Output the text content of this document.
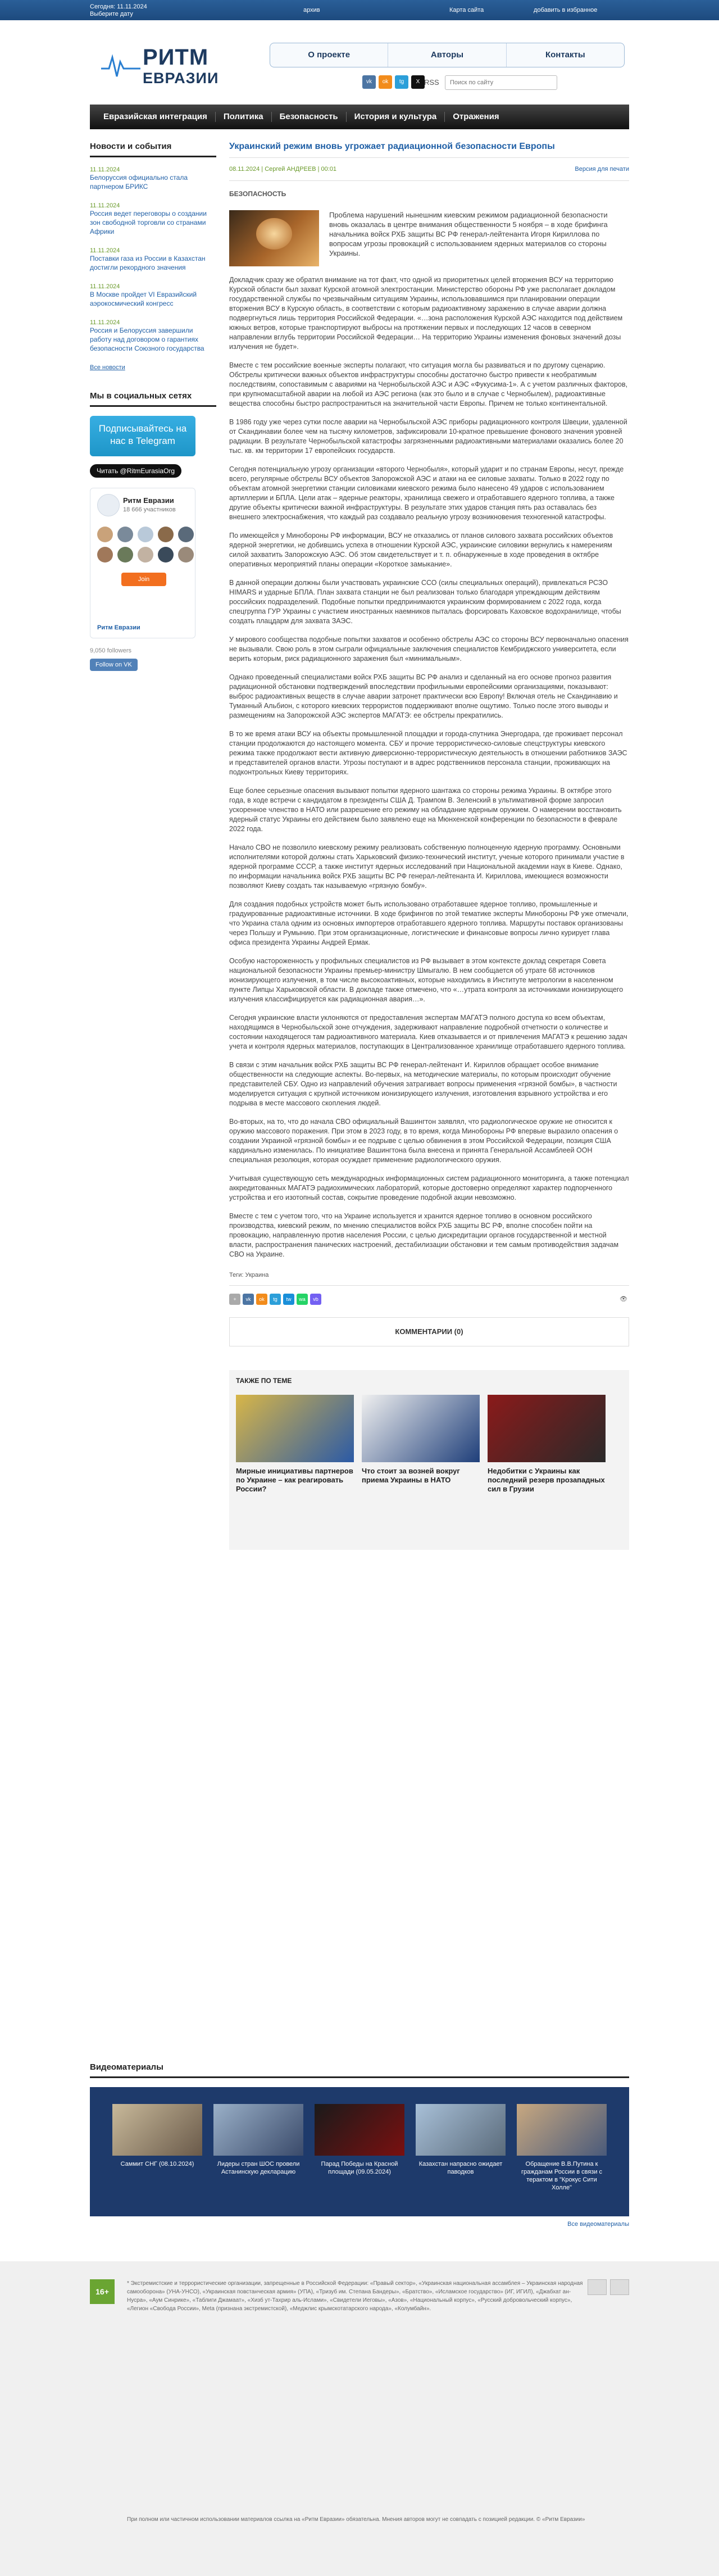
Сегодня: 11.11.2024
Выберите дату
архив	Карта сайта	добавить в избранное
РИТМ
ЕВРАЗИИ
О проекте	Авторы	Контакты
vk	ok	tg	X RSS
Поиск по сайту
Евразийская интеграция	Политика	Безопасность	История и культура	Отражения
Новости и события
11.11.2024
Белоруссия официально стала партнером БРИКС
11.11.2024
Россия ведет переговоры о создании зон свободной торговли со странами Африки
11.11.2024
Поставки газа из России в Казахстан достигли рекордного значения
11.11.2024
В Москве пройдет VI Евразийский аэрокосмический конгресс
11.11.2024
Россия и Белоруссия завершили работу над договором о гарантиях безопасности Союзного государства
Все новости
Мы в социальных сетях
Подписывайтесь на нас в Telegram
Читать @RitmEurasiaOrg
Ритм Евразии
18 666 участников
Join
Ритм Евразии
9,050 followers
Follow on VK
Украинский режим вновь угрожает радиационной безопасности Европы
08.11.2024 | Сергей АНДРЕЕВ | 00:01	Версия для печати
БЕЗОПАСНОСТЬ
Проблема нарушений нынешним киевским режимом радиационной безопасности вновь оказалась в центре внимания общественности 5 ноября – в ходе брифинга начальника войск РХБ защиты ВС РФ генерал-лейтенанта Игоря Кириллова по вопросам угрозы провокаций с использованием ядерных материалов со стороны Украины.
Докладчик сразу же обратил внимание на тот факт, что одной из приоритетных целей вторжения ВСУ на территорию Курской области был захват Курской атомной электростанции. Министерство обороны РФ уже располагает докладом государственной службы по чрезвычайным ситуациям Украины, использовавшимся при планировании операции вторжения ВСУ в Курскую область, в соответствии с которым радиоактивному заражению в случае аварии должна подвергнуться лишь территория Российской Федерации. «…зона расположения Курской АЭС находится под действием южных ветров, которые транспортируют выбросы на протяжении первых и последующих 12 часов в северном направлении вглубь территории Российской Федерации… На территорию Украины изменения фоновых значений дозы излучения не будет».
Вместе с тем российские военные эксперты полагают, что ситуация могла бы развиваться и по другому сценарию. Обстрелы критически важных объектов инфраструктуры способны достаточно быстро привести к необратимым последствиям, сопоставимым с авариями на Чернобыльской АЭС и АЭС «Фукусима-1». А с учетом различных факторов, при крупномасштабной аварии на любой из АЭС региона (как это было и в случае с Чернобылем), радиоактивные вещества способны быстро распространиться на значительной части Европы. Причем не только континентальной.
В 1986 году уже через сутки после аварии на Чернобыльской АЭС приборы радиационного контроля Швеции, удаленной от Скандинавии более чем на тысячу километров, зафиксировали 10-кратное превышение фонового значения уровней радиации. В результате Чернобыльской катастрофы загрязненными радиоактивными материалами оказались более 20 тыс. кв. км территории 17 европейских государств.
Сегодня потенциальную угрозу организации «второго Чернобыля», который ударит и по странам Европы, несут, прежде всего, регулярные обстрелы ВСУ объектов Запорожской АЭС и атаки на ее силовые захваты. Только в 2022 году по объектам атомной энергетики станции силовиками киевского режима было нанесено 49 ударов с использованием артиллерии и БПЛА. Цели атак – ядерные реакторы, хранилища свежего и отработавшего ядерного топлива, а также другие объекты критически важной инфраструктуры. В результате этих ударов станция пять раз оставалась без внешнего электроснабжения, что каждый раз создавало реальную угрозу возникновения техногенной катастрофы.
По имеющейся у Минобороны РФ информации, ВСУ не отказались от планов силового захвата российских объектов ядерной энергетики, не добившись успеха в отношении Курской АЭС, украинские силовики вернулись к намерениям силой захватить Запорожскую АЭС. Об этом свидетельствует и т. п. обнаруженные в ходе проведения в октябре оперативных мероприятий планы операции «Короткое замыкание».
В данной операции должны были участвовать украинские ССО (силы специальных операций), привлекаться РСЗО HIMARS и ударные БПЛА. План захвата станции не был реализован только благодаря упреждающим действиям российских подразделений. Подобные попытки предпринимаются украинским формированием с 2022 года, когда спецгруппа ГУР Украины с участием иностранных наемников пыталась форсировать Каховское водохранилище, чтобы создать плацдарм для захвата ЗАЭС.
У мирового сообщества подобные попытки захватов и особенно обстрелы АЭС со стороны ВСУ первоначально опасения не вызывали. Свою роль в этом сыграли официальные заключения специалистов Кембриджского университета, если верить которым, риск радиационного заражения был «минимальным».
Однако проведенный специалистами войск РХБ защиты ВС РФ анализ и сделанный на его основе прогноз развития радиационной обстановки подтверждений впоследствии профильными европейскими организациями, показывают: выброс радиоактивных веществ в случае аварии затронет практически всю Европу! Включая отель не Скандинавию и Туманный Альбион, с которого киевских террористов поддерживают вполне ощутимо. Только после этого выводы и размещениям на Запорожской АЭС экспертов МАГАТЭ: ее обстрелы прекратились.
В то же время атаки ВСУ на объекты промышленной площадки и города-спутника Энергодара, где проживает персонал станции продолжаются до настоящего момента. СБУ и прочие террористическо-силовые спецструктуры киевского режима также продолжают вести активную диверсионно-террористическую деятельность в отношении работников ЗАЭС и представителей органов власти. Угрозы поступают и в адрес родственников персонала станции, проживающих на подконтрольных Киеву территориях.
Еще более серьезные опасения вызывают попытки ядерного шантажа со стороны режима Украины. В октябре этого года, в ходе встречи с кандидатом в президенты США Д. Трампом В. Зеленский в ультимативной форме запросил ускоренное членство в НАТО или разрешение его режиму на обладание ядерным оружием. О намерении восстановить ядерный статус Украины его действием было заявлено еще на Мюнхенской конференции по безопасности в феврале 2022 года.
Начало СВО не позволило киевскому режиму реализовать собственную полноценную ядерную программу. Основными исполнителями которой должны стать Харьковский физико-технический институт, ученые которого принимали участие в ядерной программе СССР, а также институт ядерных исследований при Национальной академии наук в Киеве. Однако, по информации начальника войск РХБ защиты ВС РФ генерал-лейтенанта И. Кириллова, имеющиеся возможности позволяют Киеву создать так называемую «грязную бомбу».
Для создания подобных устройств может быть использовано отработавшее ядерное топливо, промышленные и градуированные радиоактивные источники. В ходе брифингов по этой тематике эксперты Минобороны РФ уже отмечали, что Украина стала одним из основных импортеров отработавшего ядерного топлива. Маршруты поставок организованы через Польшу и Румынию. При этом организационные, логистические и финансовые вопросы лично курирует глава офиса президента Украины Андрей Ермак.
Особую настороженность у профильных специалистов из РФ вызывает в этом контексте доклад секретаря Совета национальной безопасности Украины премьер-министру Шмыгалю. В нем сообщается об утрате 68 источников ионизирующего излучения, в том числе высокоактивных, которые находились в Институте метрологии в населенном пункте Липцы Харьковской области. В докладе также отмечено, что «…утрата контроля за источниками ионизирующего излучения классифицируется как радиационная авария…».
Сегодня украинские власти уклоняются от предоставления экспертам МАГАТЭ полного доступа ко всем объектам, находящимся в Чернобыльской зоне отчуждения, задерживают направление подробной отчетности о количестве и состоянии находящегося там радиоактивного материала. Киев отказывается и от привлечения МАГАТЭ к решению задач учета и контроля ядерных материалов, поступающих в Централизованное хранилище отработавшего ядерного топлива.
В связи с этим начальник войск РХБ защиты ВС РФ генерал-лейтенант И. Кириллов обращает особое внимание общественности на следующие аспекты. Во-первых, на методические материалы, по которым происходит обучение представителей СБУ. Одно из направлений обучения затрагивает вопросы применения «грязной бомбы», в частности моделируется ситуация с крупной источником ионизирующего излучения, изготовления взрывного устройства и его подрыва в месте массового скопления людей.
Во-вторых, на то, что до начала СВО официальный Вашингтон заявлял, что радиологическое оружие не относится к оружию массового поражения. При этом в 2023 году, в то время, когда Минобороны РФ впервые выразило опасения о создании Украиной «грязной бомбы» и ее подрыве с целью обвинения в этом Российской Федерации, позиция США кардинально изменилась. По инициативе Вашингтона была внесена и принята Генеральной Ассамблеей ООН специальная резолюция, которая осуждает применение радиологического оружия.
Учитывая существующую сеть международных информационных систем радиационного мониторинга, а также потенциал аккредитованных МАГАТЭ радиохимических лабораторий, которые достоверно определяют характер подпорченного устройства и его изотопный состав, сокрытие проведение подобной акции невозможно.
Вместе с тем с учетом того, что на Украине используется и хранится ядерное топливо в основном российского производства, киевский режим, по мнению специалистов войск РХБ защиты ВС РФ, вполне способен пойти на провокацию, направленную против населения России, с целью дискредитации органов государственной и местной власти, распространения панических настроений, дестабилизации обстановки и тем самым противодействия задачам СВО на Украине.
Теги: Украина
+	vk	ok	tg	tw	wa	vb	👁 220
КОММЕНТАРИИ (0)
ТАКЖЕ ПО ТЕМЕ
Мирные инициативы партнеров по Украине – как реагировать России?
Что стоит за возней вокруг приема Украины в НАТО
Недобитки с Украины как последний резерв прозападных сил в Грузии
Видеоматериалы
Саммит СНГ (08.10.2024)	Лидеры стран ШОС провели Астанинскую декларацию
Парад Победы на Красной площади (09.05.2024)
Казахстан напрасно ожидает паводков
Обращение В.В.Путина к гражданам России в связи с терактом в "Крокус Сити Холле"
Все видеоматериалы
16+
* Экстремистские и террористические организации, запрещенные в Российской Федерации: «Правый сектор», «Украинская национальная ассамблея – Украинская народная самооборона» (УНА-УНСО), «Украинская повстанческая армия» (УПА), «Тризуб им. Степана Бандеры», «Братство», «Исламское государство» (ИГ, ИГИЛ), «Джабхат ан-Нусра», «Аум Синрике», «Таблиги Джамаат», «Хизб ут-Тахрир аль-Ислами», «Свидетели Иеговы», «Азов», «Национальный корпус», «Русский добровольческий корпус», «Легион «Свобода России», Meta (признана экстремистской), «Меджлис крымскотатарского народа», «Колумбайн».
При полном или частичном использовании материалов ссылка на «Ритм Евразии» обязательна. Мнения авторов могут не совпадать с позицией редакции. © «Ритм Евразии»
